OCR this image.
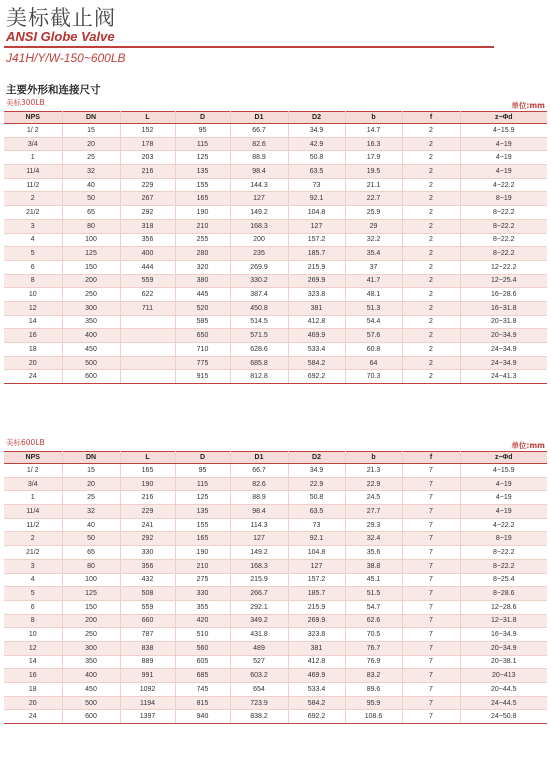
美标截止阀
ANSI Globe Valve
J41H/Y/W-150~600LB
主要外形和连接尺寸
美标300LB	单位:mm
NPS	DN	L	D	D1	D2	b	f	z−Φd
1/ 2	15	152	95	66.7	34.9	14.7	2	4−15.9
3/4	20	178	115	82.6	42.9	16.3	2	4−19
1	25	203	125	88.9	50.8	17.9	2	4−19
11/4	32	216	135	98.4	63.5	19.5	2	4−19
11/2	40	229	155	144.3	73	21.1	2	4−22.2
2	50	267	165	127	92.1	22.7	2	8−19
21/2	65	292	190	149.2	104.8	25.9	2	8−22.2
3	80	318	210	168.3	127	29	2	8−22.2
4	100	356	255	200	157.2	32.2	2	8−22.2
5	125	400	280	235	185.7	35.4	2	8−22.2
6	150	444	320	269.9	215.9	37	2	12−22.2
8	200	559	380	330.2	269.9	41.7	2	12−25.4
10	250	622	445	387.4	323.8	48.1	2	16−28.6
12	300	711	520	450.8	381	51.3	2	16−31.8
14	350		585	514.5	412.8	54.4	2	20−31.8
16	400		650	571.5	469.9	57.6	2	20−34.9
18	450		710	628.6	533.4	60.8	2	24−34.9
20	500		775	685.8	584.2	64	2	24−34.9
24	600		915	812.8	692.2	70.3	2	24−41.3
美标600LB	单位:mm
NPS	DN	L	D	D1	D2	b	f	z−Φd
1/ 2	15	165	95	66.7	34.9	21.3	7	4−15.9
3/4	20	190	115	82.6	22.9	22.9	7	4−19
1	25	216	125	88.9	50.8	24.5	7	4−19
11/4	32	229	135	98.4	63.5	27.7	7	4−19
11/2	40	241	155	114.3	73	29.3	7	4−22.2
2	50	292	165	127	92.1	32.4	7	8−19
21/2	65	330	190	149.2	104.8	35.6	7	8−22.2
3	80	356	210	168.3	127	38.8	7	8−22.2
4	100	432	275	215.9	157.2	45.1	7	8−25.4
5	125	508	330	266.7	185.7	51.5	7	8−28.6
6	150	559	355	292.1	215.9	54.7	7	12−28.6
8	200	660	420	349.2	269.9	62.6	7	12−31.8
10	250	787	510	431.8	323.8	70.5	7	16−34.9
12	300	838	560	489	381	76.7	7	20−34.9
14	350	889	605	527	412.8	76.9	7	20−38.1
16	400	991	685	603.2	469.9	83.2	7	20−413
18	450	1092	745	654	533.4	89.6	7	20−44.5
20	500	1194	815	723.9	584.2	95.9	7	24−44.5
24	600	1397	940	838.2	692.2	108.6	7	24−50.8
